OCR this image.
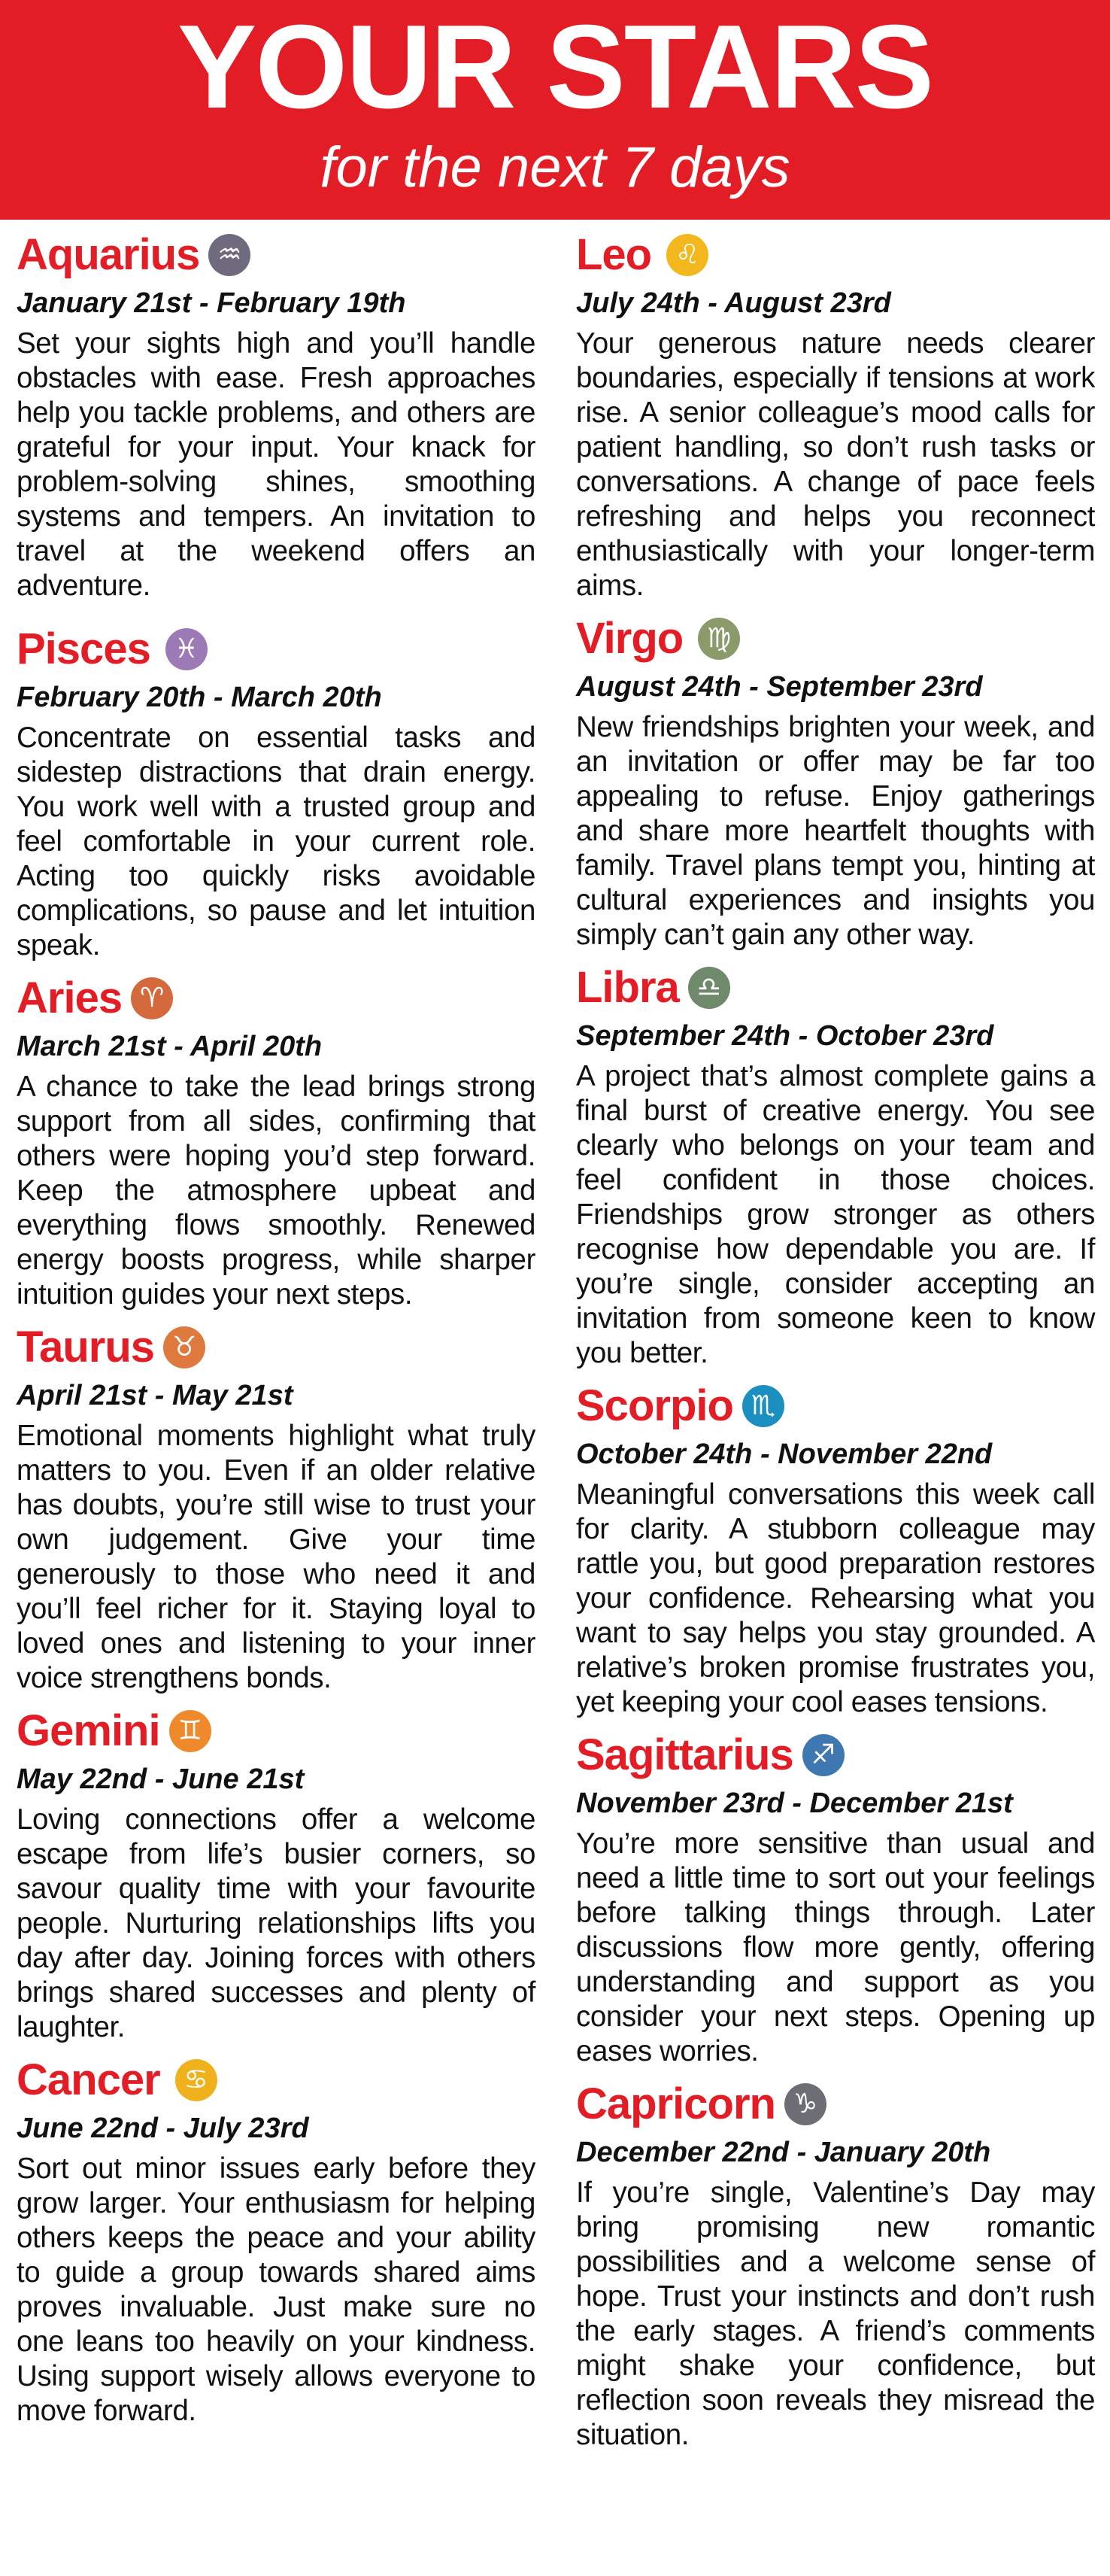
YOUR STARS
for the next 7 days
Aquarius ♒
January 21st - February 19th

Set your sights high and you’ll handle obstacles with ease. Fresh approaches help you tackle problems, and others are grateful for your input. Your knack for problem-solving shines, smoothing systems and tempers. An invitation to travel at the weekend offers an adventure.

Pisces ♓
February 20th - March 20th

Concentrate on essential tasks and sidestep distractions that drain energy. You work well with a trusted group and feel comfortable in your current role. Acting too quickly risks avoidable complications, so pause and let intuition speak.

Aries ♈
March 21st - April 20th

A chance to take the lead brings strong support from all sides, confirming that others were hoping you’d step forward. Keep the atmosphere upbeat and everything flows smoothly. Renewed energy boosts progress, while sharper intuition guides your next steps.

Taurus ♉
April 21st - May 21st

Emotional moments highlight what truly matters to you. Even if an older relative has doubts, you’re still wise to trust your own judgement. Give your time generously to those who need it and you’ll feel richer for it. Staying loyal to loved ones and listening to your inner voice strengthens bonds.

Gemini ♊
May 22nd - June 21st

Loving connections offer a welcome escape from life’s busier corners, so savour quality time with your favourite people. Nurturing relationships lifts you day after day. Joining forces with others brings shared successes and plenty of laughter.

Cancer ♋
June 22nd - July 23rd

Sort out minor issues early before they grow larger. Your enthusiasm for helping others keeps the peace and your ability to guide a group towards shared aims proves invaluable. Just make sure no one leans too heavily on your kindness. Using support wisely allows everyone to move forward.

Leo ♌
July 24th - August 23rd

Your generous nature needs clearer boundaries, especially if tensions at work rise. A senior colleague’s mood calls for patient handling, so don’t rush tasks or conversations. A change of pace feels refreshing and helps you reconnect enthusiastically with your longer-term aims.

Virgo ♍
August 24th - September 23rd

New friendships brighten your week, and an invitation or offer may be far too appealing to refuse. Enjoy gatherings and share more heartfelt thoughts with family. Travel plans tempt you, hinting at cultural experiences and insights you simply can’t gain any other way.

Libra ♎
September 24th - October 23rd

A project that’s almost complete gains a final burst of creative energy. You see clearly who belongs on your team and feel confident in those choices. Friendships grow stronger as others recognise how dependable you are. If you’re single, consider accepting an invitation from someone keen to know you better.

Scorpio ♏
October 24th - November 22nd

Meaningful conversations this week call for clarity. A stubborn colleague may rattle you, but good preparation restores your confidence. Rehearsing what you want to say helps you stay grounded. A relative’s broken promise frustrates you, yet keeping your cool eases tensions.

Sagittarius ♐
November 23rd - December 21st

You’re more sensitive than usual and need a little time to sort out your feelings before talking things through. Later discussions flow more gently, offering understanding and support as you consider your next steps. Opening up eases worries.

Capricorn ♑
December 22nd - January 20th

If you’re single, Valentine’s Day may bring promising new romantic possibilities and a welcome sense of hope. Trust your instincts and don’t rush the early stages. A friend’s comments might shake your confidence, but reflection soon reveals they misread the situation.
